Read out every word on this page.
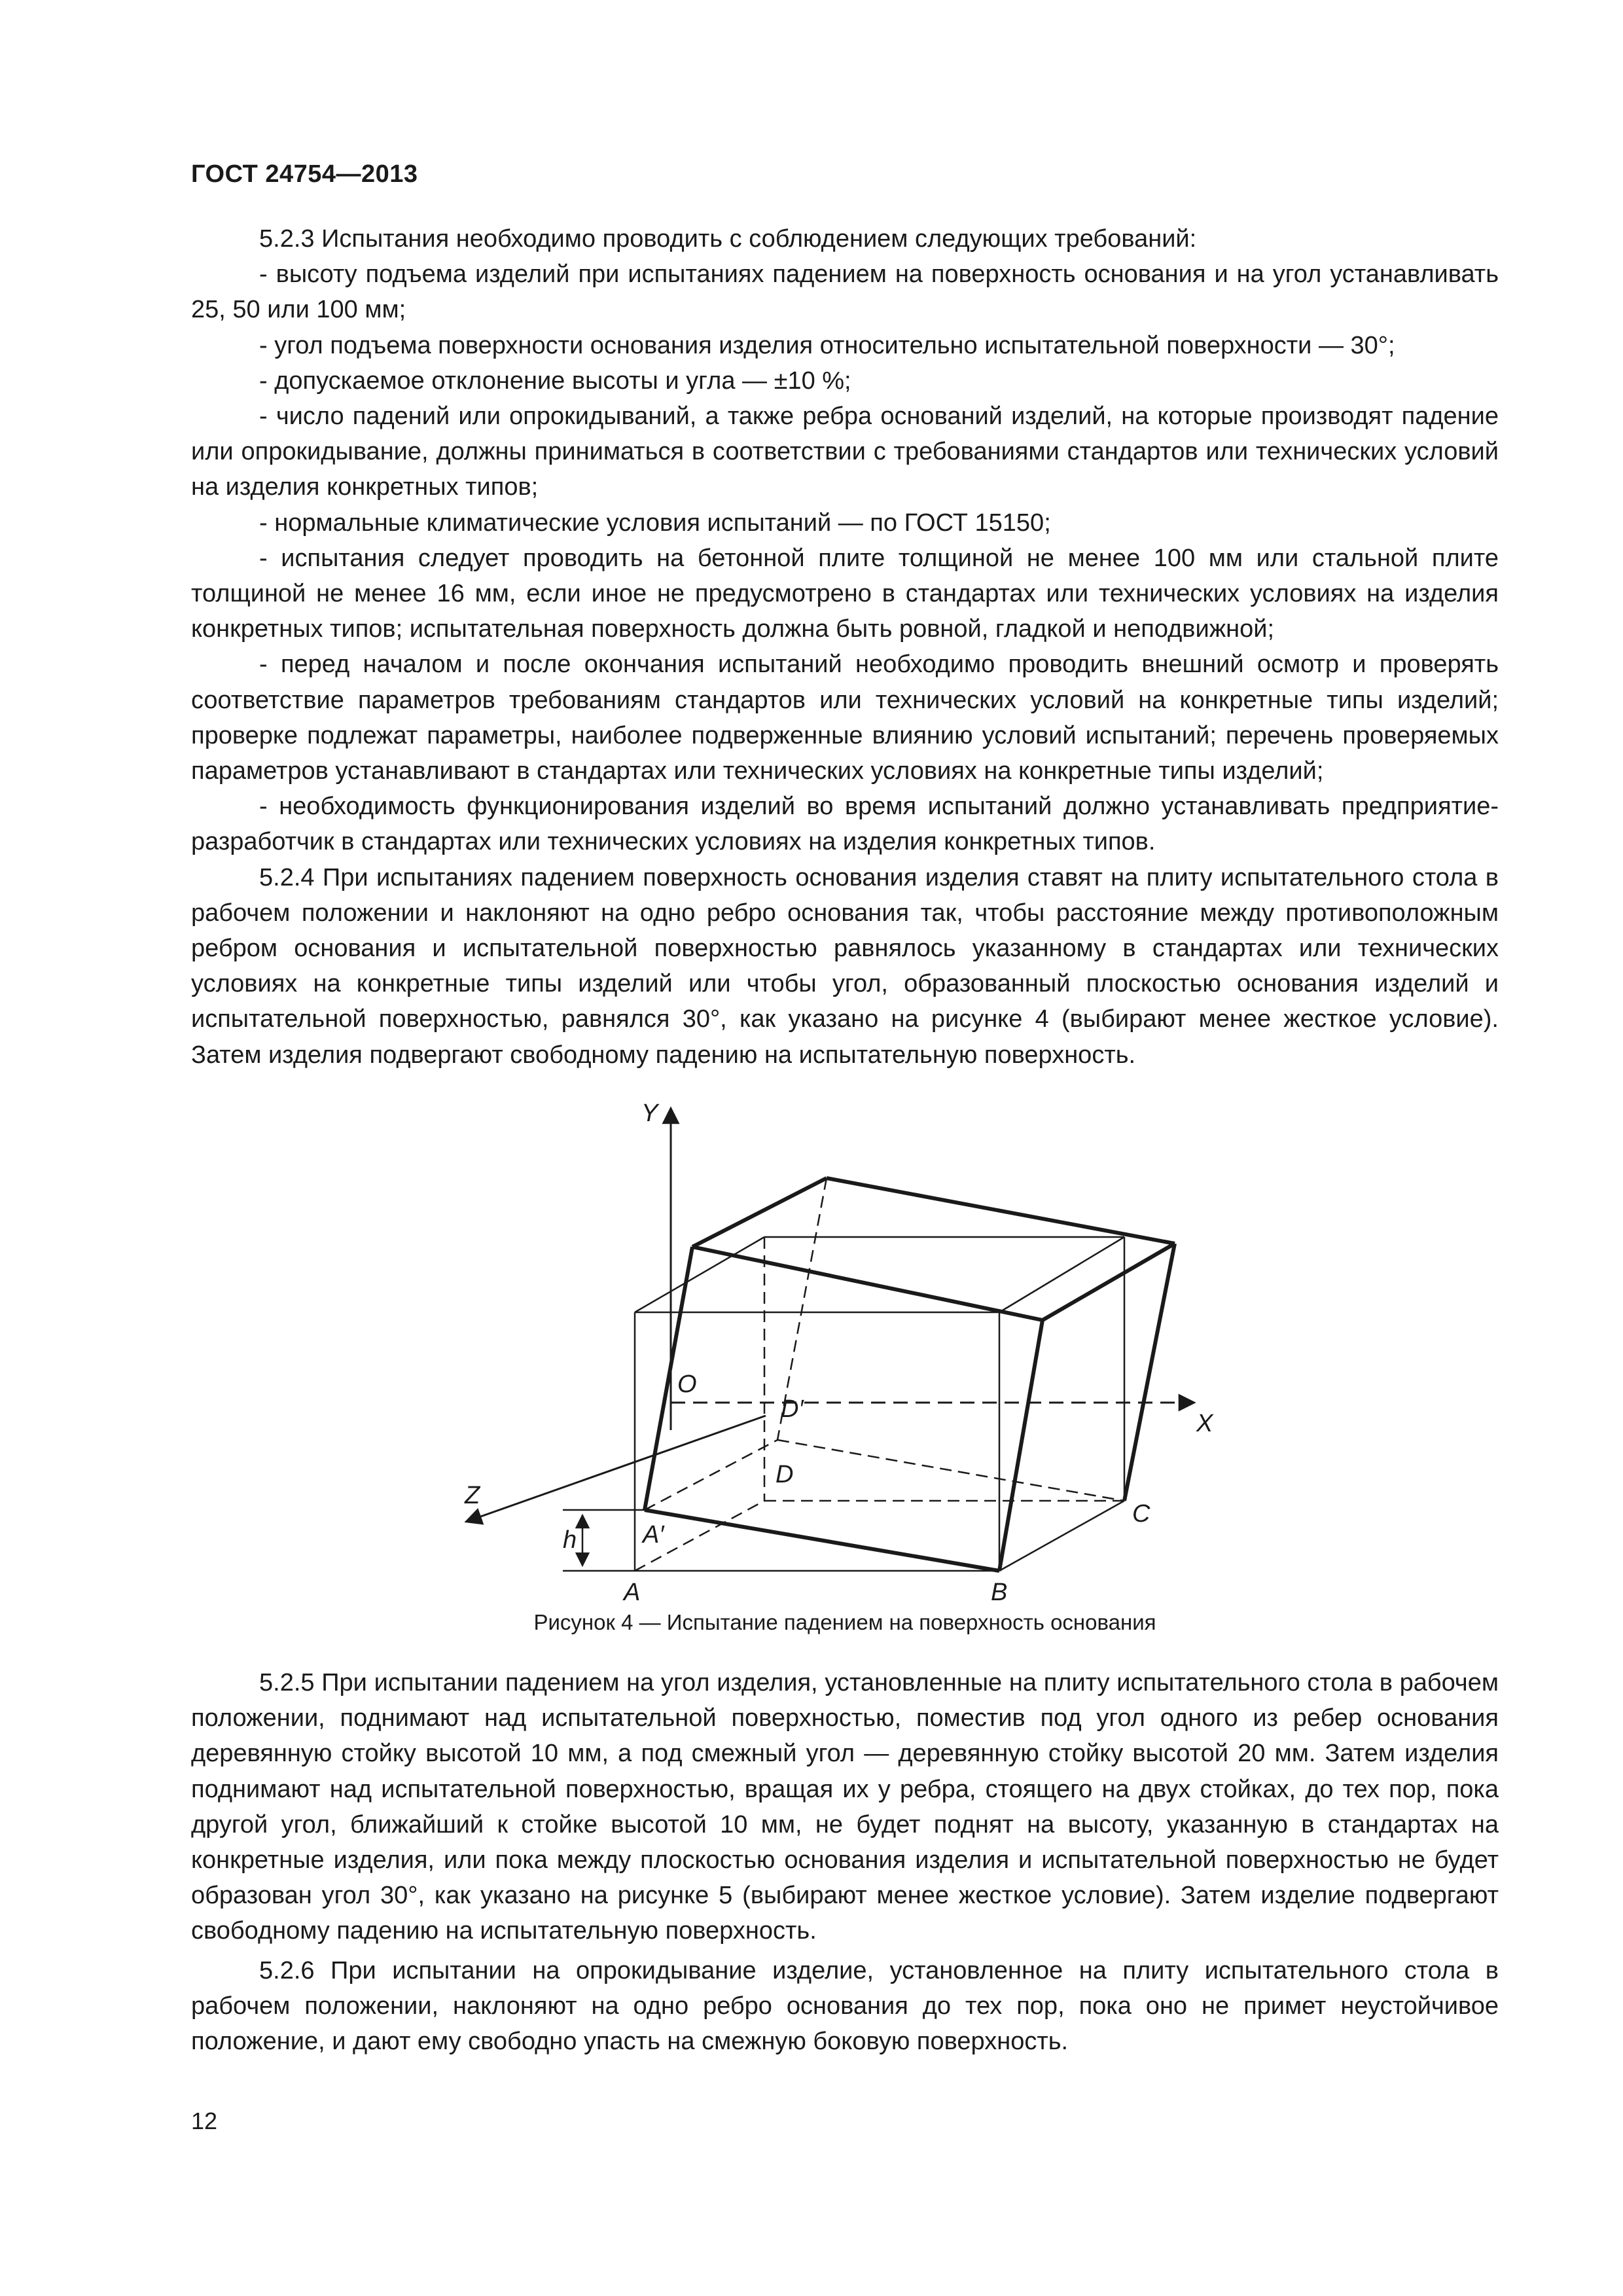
ГОСТ 24754—2013

5.2.3 Испытания необходимо проводить с соблюдением следующих требований:

- высоту подъема изделий при испытаниях падением на поверхность основания и на угол устанавливать 25, 50 или 100 мм;

- угол подъема поверхности основания изделия относительно испытательной поверхности — 30°;

- допускаемое отклонение высоты и угла — ±10 %;

- число падений или опрокидываний, а также ребра оснований изделий, на которые производят падение или опрокидывание, должны приниматься в соответствии с требованиями стандартов или технических условий на изделия конкретных типов;

- нормальные климатические условия испытаний — по ГОСТ 15150;

- испытания следует проводить на бетонной плите толщиной не менее 100 мм или стальной плите толщиной не менее 16 мм, если иное не предусмотрено в стандартах или технических условиях на изделия конкретных типов; испытательная поверхность должна быть ровной, гладкой и неподвижной;

- перед началом и после окончания испытаний необходимо проводить внешний осмотр и проверять соответствие параметров требованиям стандартов или технических условий на конкретные типы изделий; проверке подлежат параметры, наиболее подверженные влиянию условий испытаний; перечень проверяемых параметров устанавливают в стандартах или технических условиях на конкретные типы изделий;

- необходимость функционирования изделий во время испытаний должно устанавливать предприятие-разработчик в стандартах или технических условиях на изделия конкретных типов.

5.2.4 При испытаниях падением поверхность основания изделия ставят на плиту испытательного стола в рабочем положении и наклоняют на одно ребро основания так, чтобы расстояние между противоположным ребром основания и испытательной поверхностью равнялось указанному в стандартах или технических условиях на конкретные типы изделий или чтобы угол, образованный плоскостью основания изделий и испытательной поверхностью, равнялся 30°, как указано на рисунке 4 (выбирают менее жесткое условие). Затем изделия подвергают свободному падению на испытательную поверхность.

Y
X
Z
O
D′
D
C
A′
A	B
h
Рисунок 4 — Испытание падением на поверхность основания

5.2.5 При испытании падением на угол изделия, установленные на плиту испытательного стола в рабочем положении, поднимают над испытательной поверхностью, поместив под угол одного из ребер основания деревянную стойку высотой 10 мм, а под смежный угол — деревянную стойку высотой 20 мм. Затем изделия поднимают над испытательной поверхностью, вращая их у ребра, стоящего на двух стойках, до тех пор, пока другой угол, ближайший к стойке высотой 10 мм, не будет поднят на высоту, указанную в стандартах на конкретные изделия, или пока между плоскостью основания изделия и испытательной поверхностью не будет образован угол 30°, как указано на рисунке 5 (выбирают менее жесткое условие). Затем изделие подвергают свободному падению на испытательную поверхность.

5.2.6 При испытании на опрокидывание изделие, установленное на плиту испытательного стола в рабочем положении, наклоняют на одно ребро основания до тех пор, пока оно не примет неустойчивое положение, и дают ему свободно упасть на смежную боковую поверхность.

12
